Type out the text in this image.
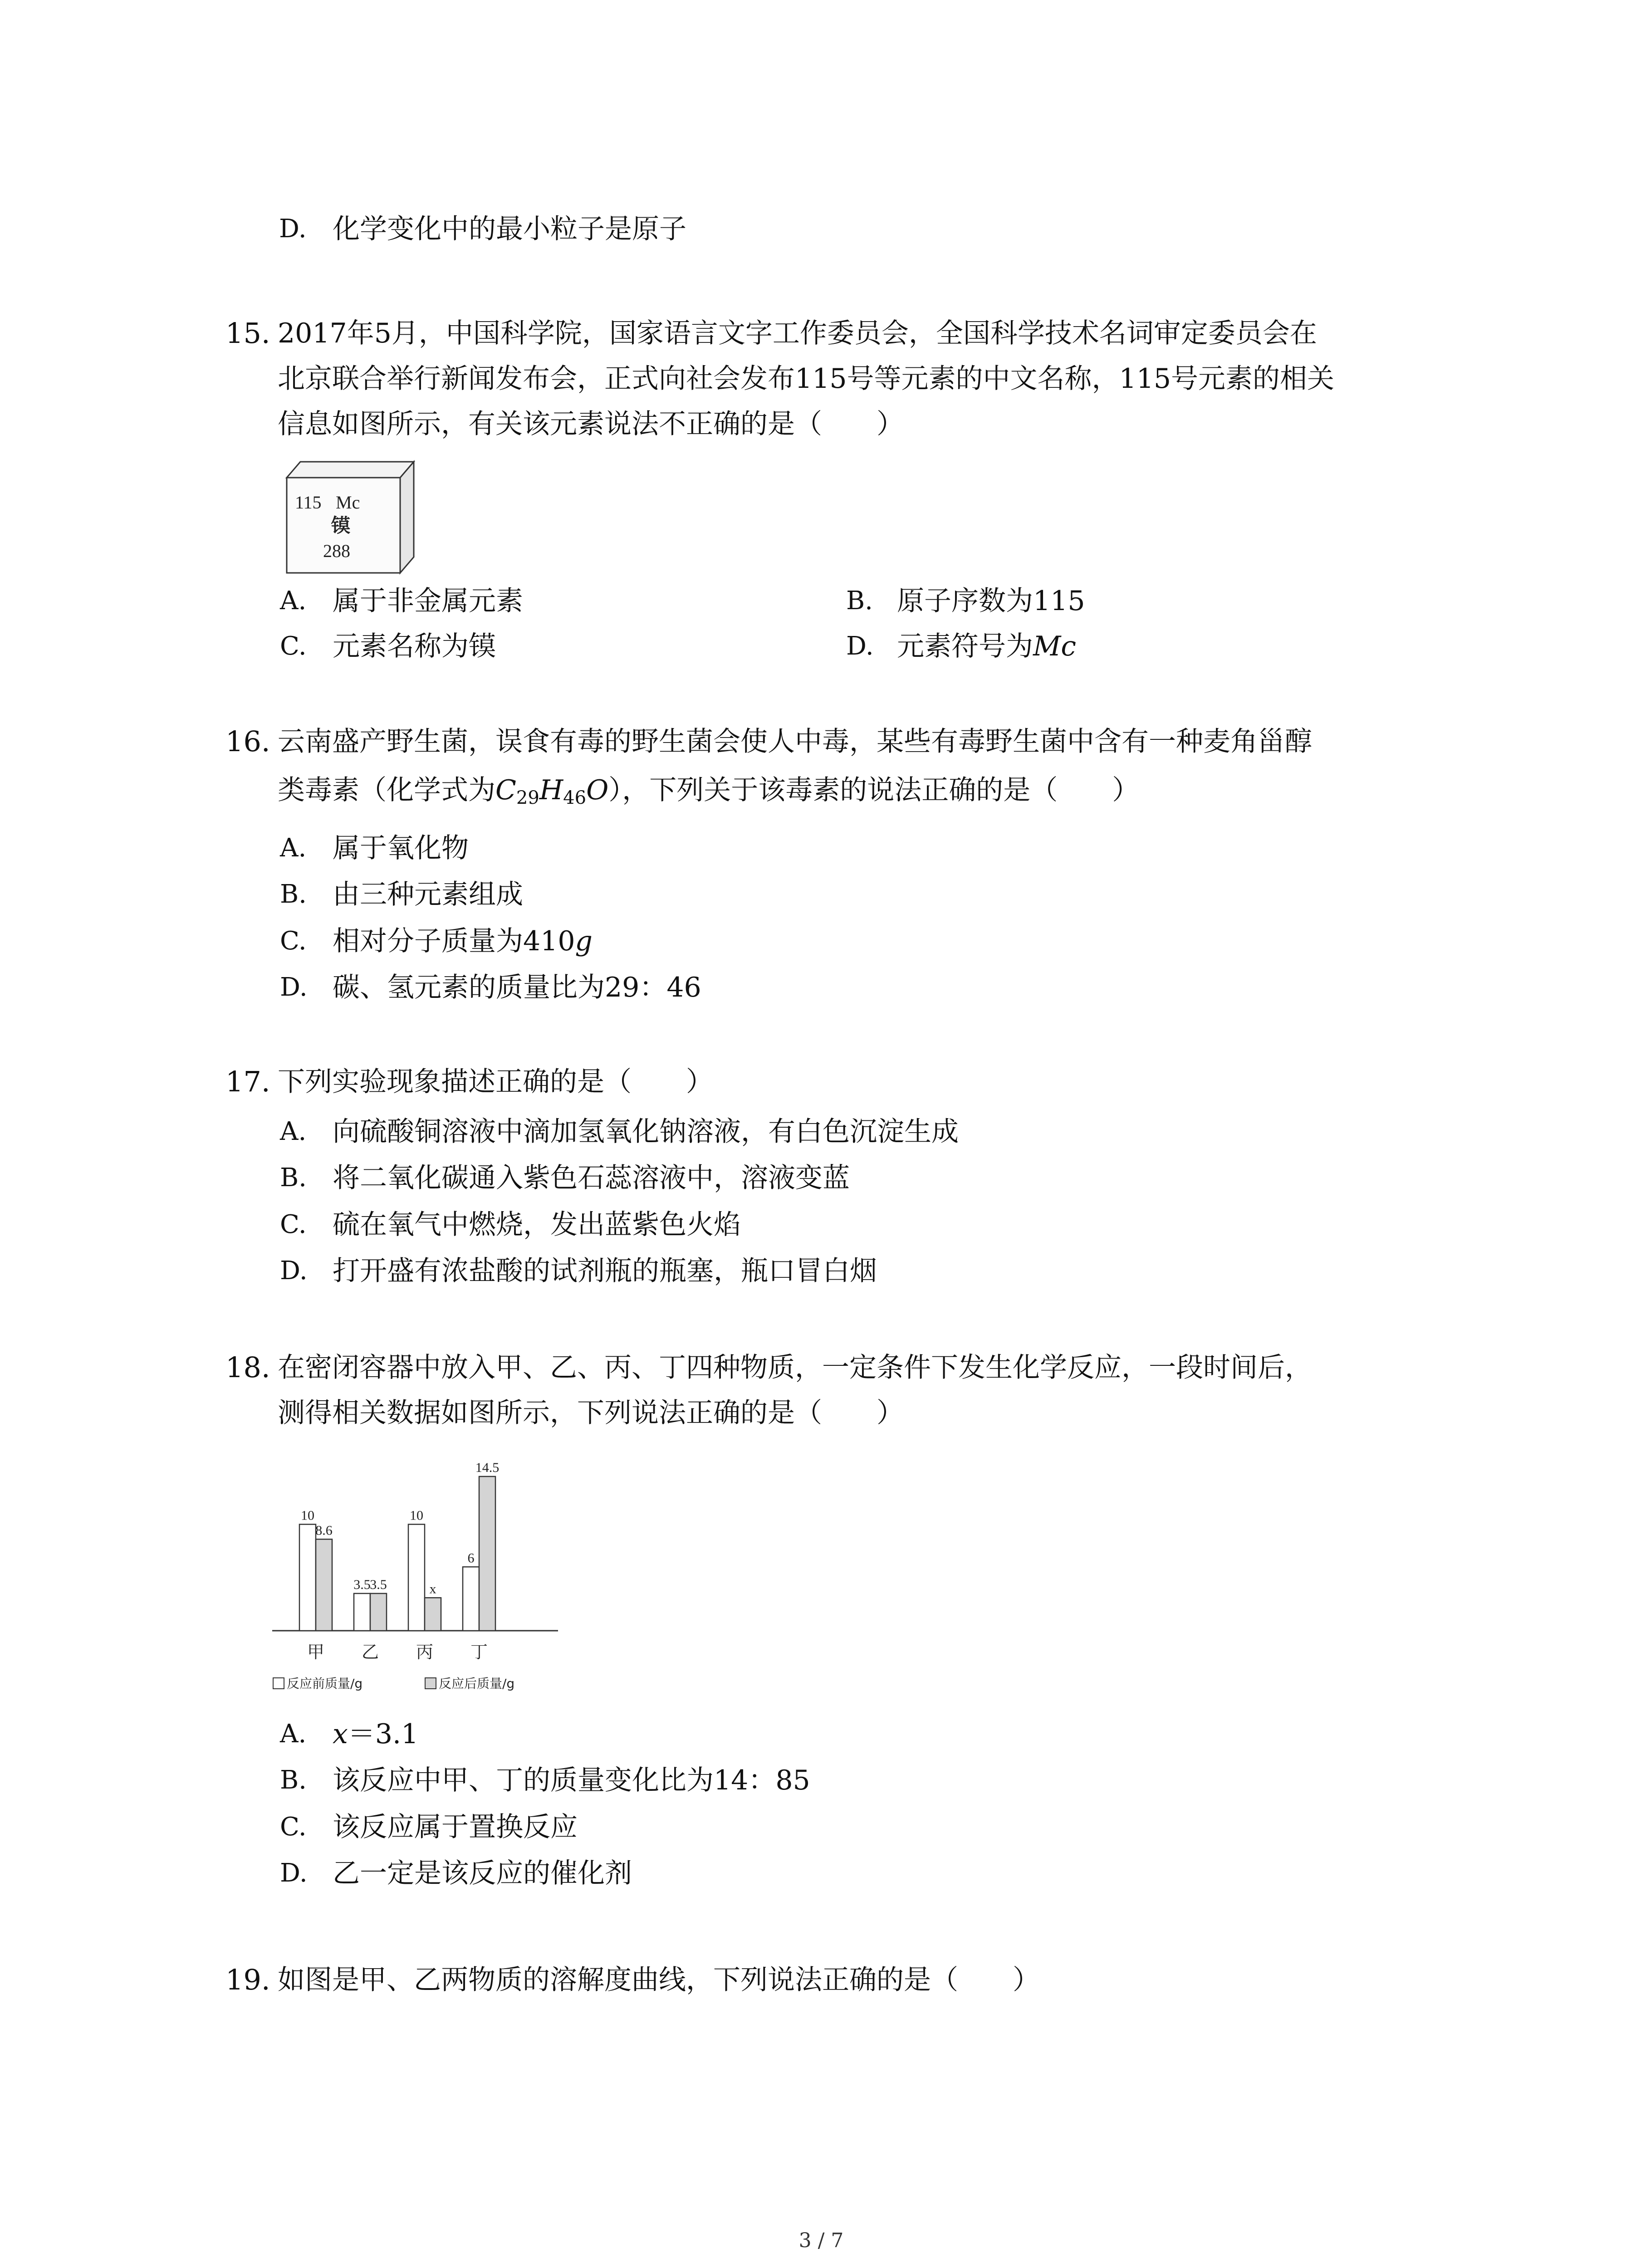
D. 化学变化中的最小粒子是原子
15. 2017年5月，中国科学院，国家语言文字工作委员会，全国科学技术名词审定委员会在
北京联合举行新闻发布会，正式向社会发布115号等元素的中文名称，115号元素的相关
信息如图所示，有关该元素说法不正确的是（　　）
115 Mc
镆
288
A. 属于非金属元素	B. 原子序数为115
C. 元素名称为镆	D. 元素符号为Mc
16. 云南盛产野生菌，误食有毒的野生菌会使人中毒，某些有毒野生菌中含有一种麦角甾醇
类毒素（化学式为$C_{29}H_{46}O$），下列关于该毒素的说法正确的是（　　）
A. 属于氧化物
B. 由三种元素组成
C. 相对分子质量为410g
D. 碳、氢元素的质量比为29：46
17. 下列实验现象描述正确的是（　　）
A. 向硫酸铜溶液中滴加氢氧化钠溶液，有白色沉淀生成
B. 将二氧化碳通入紫色石蕊溶液中，溶液变蓝
C. 硫在氧气中燃烧，发出蓝紫色火焰
D. 打开盛有浓盐酸的试剂瓶的瓶塞，瓶口冒白烟
18. 在密闭容器中放入甲、乙、丙、丁四种物质，一定条件下发生化学反应，一段时间后，
测得相关数据如图所示，下列说法正确的是（　　）
10
8.6
甲
3.5
3.5
乙
10
x
丙
6
14.5
丁
反应前质量/g	反应后质量/g
A. x＝3.1
B. 该反应中甲、丁的质量变化比为14：85
C. 该反应属于置换反应
D. 乙一定是该反应的催化剂
19. 如图是甲、乙两物质的溶解度曲线，下列说法正确的是（　　）
3 / 7
